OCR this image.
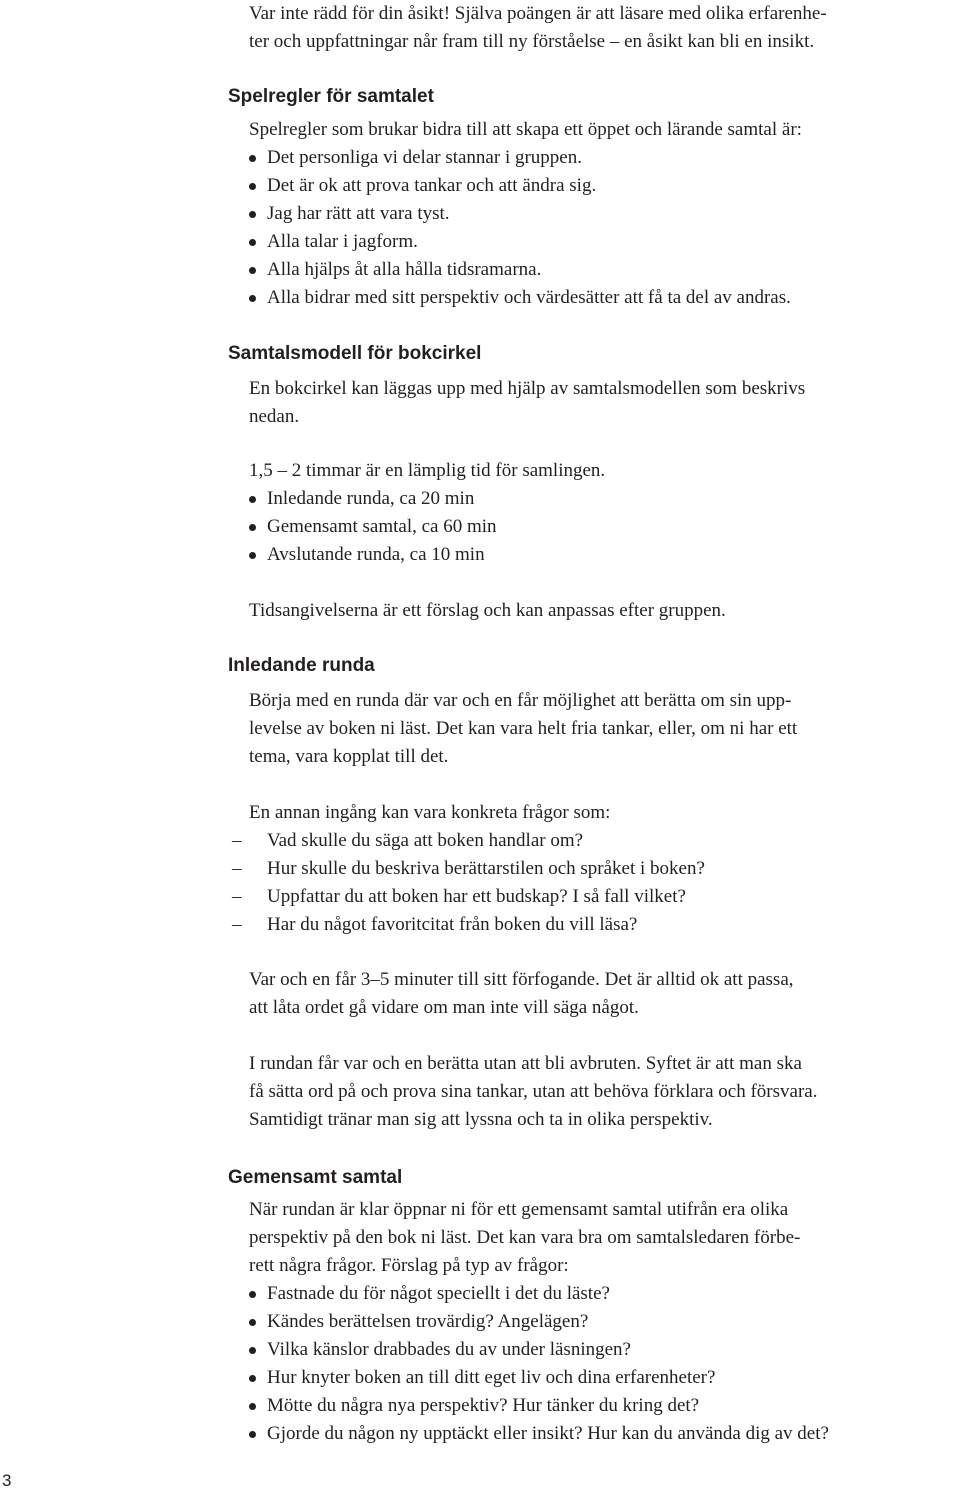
Var inte rädd för din åsikt! Själva poängen är att läsare med olika erfarenhe-
ter och uppfattningar når fram till ny förståelse – en åsikt kan bli en insikt.

Spelregler för samtalet

Spelregler som brukar bidra till att skapa ett öppet och lärande samtal är:

Det personliga vi delar stannar i gruppen.
Det är ok att prova tankar och att ändra sig.
Jag har rätt att vara tyst.
Alla talar i jagform.
Alla hjälps åt alla hålla tidsramarna.
Alla bidrar med sitt perspektiv och värdesätter att få ta del av andras.
Samtalsmodell för bokcirkel

En bokcirkel kan läggas upp med hjälp av samtalsmodellen som beskrivs
nedan.

1,5 – 2 timmar är en lämplig tid för samlingen.

Inledande runda, ca 20 min
Gemensamt samtal, ca 60 min
Avslutande runda, ca 10 min

Tidsangivelserna är ett förslag och kan anpassas efter gruppen.

Inledande runda

Börja med en runda där var och en får möjlighet att berätta om sin upp-
levelse av boken ni läst. Det kan vara helt fria tankar, eller, om ni har ett
tema, vara kopplat till det.

En annan ingång kan vara konkreta frågor som:

– Vad skulle du säga att boken handlar om?
– Hur skulle du beskriva berättarstilen och språket i boken?
– Uppfattar du att boken har ett budskap? I så fall vilket?
– Har du något favoritcitat från boken du vill läsa?

Var och en får 3–5 minuter till sitt förfogande. Det är alltid ok att passa,
att låta ordet gå vidare om man inte vill säga något.

I rundan får var och en berätta utan att bli avbruten. Syftet är att man ska
få sätta ord på och prova sina tankar, utan att behöva förklara och försvara.
Samtidigt tränar man sig att lyssna och ta in olika perspektiv.

Gemensamt samtal

När rundan är klar öppnar ni för ett gemensamt samtal utifrån era olika
perspektiv på den bok ni läst. Det kan vara bra om samtalsledaren förbe-
rett några frågor. Förslag på typ av frågor:

Fastnade du för något speciellt i det du läste?
Kändes berättelsen trovärdig? Angelägen?
Vilka känslor drabbades du av under läsningen?
Hur knyter boken an till ditt eget liv och dina erfarenheter?
Mötte du några nya perspektiv? Hur tänker du kring det?
Gjorde du någon ny upptäckt eller insikt? Hur kan du använda dig av det?
3
